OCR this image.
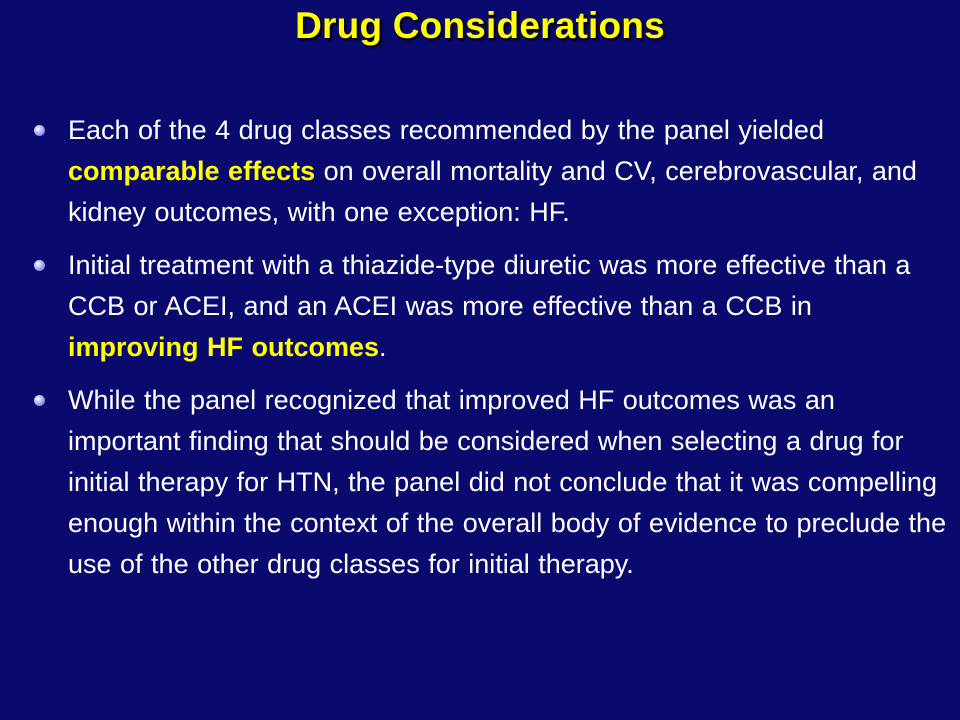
Drug Considerations
Each of the 4 drug classes recommended by the panel yielded comparable effects on overall mortality and CV, cerebrovascular, and kidney outcomes, with one exception: HF.
Initial treatment with a thiazide-type diuretic was more effective than a CCB or ACEI, and an ACEI was more effective than a CCB in improving HF outcomes.
While the panel recognized that improved HF outcomes was an important finding that should be considered when selecting a drug for initial therapy for HTN, the panel did not conclude that it was compelling enough within the context of the overall body of evidence to preclude the use of the other drug classes for initial therapy.
